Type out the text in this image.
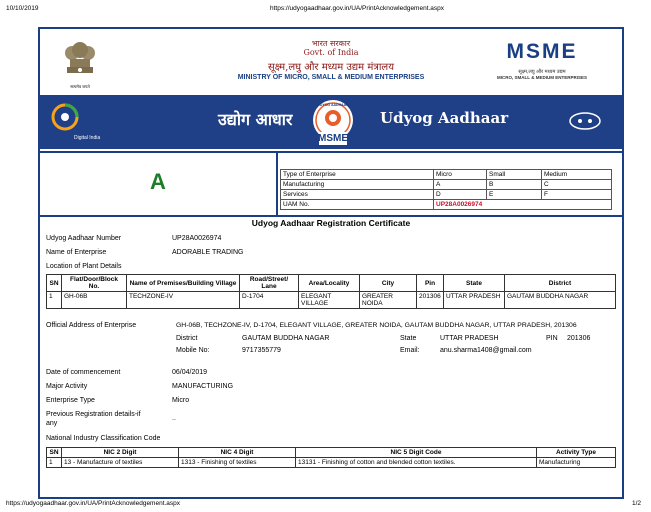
10/10/2019	https://udyogaadhaar.gov.in/UA/PrintAcknowledgement.aspx
सत्यमेव जयते
भारत सरकार
Govt. of India
सूक्ष्म,लघु और मध्यम उद्यम मंत्रालय
MINISTRY OF MICRO, SMALL & MEDIUM ENTERPRISES
MSME
सूक्ष्म,लघु और मध्यम उद्यम
MICRO, SMALL & MEDIUM ENTERPRISES
Digital India
उद्योग आधार
UDYOG AADHAAR
MSME
Udyog Aadhaar
A	Type of Enterprise	Micro	Small	Medium
Manufacturing	A	B	C
Services	D	E	F
UAM No.	UP28A0026974		
Udyog Aadhaar Registration Certificate
Udyog Aadhaar Number	UP28A0026974
Name of Enterprise	ADORABLE TRADING
Location of Plant Details
SN	Flat/Door/Block No.	Name of Premises/Building Village	Road/Street/ Lane	Area/Locality	City	Pin	State	District
1	GH-06B	TECHZONE-IV	D-1704	ELEGANT VILLAGE	GREATER NOIDA	201306	UTTAR PRADESH	GAUTAM BUDDHA NAGAR
Official Address of Enterprise	GH-06B, TECHZONE-IV, D-1704, ELEGANT VILLAGE, GREATER NOIDA, GAUTAM BUDDHA NAGAR, UTTAR PRADESH, 201306
District	GAUTAM BUDDHA NAGAR	State	UTTAR PRADESH	PIN 201306
Mobile No:	9717355779	Email:	anu.sharma1408@gmail.com
Date of commencement	06/04/2019
Major Activity	MANUFACTURING
Enterprise Type	Micro
Previous Registration details-if
any
..
National Industry Classification Code
SN	NIC 2 Digit	NIC 4 Digit	NIC 5 Digit Code	Activity Type
1	13 - Manufacture of textiles	1313 - Finishing of textiles	13131 - Finishing of cotton and blended cotton textiles.	Manufacturing
https://udyogaadhaar.gov.in/UA/PrintAcknowledgement.aspx	1/2
